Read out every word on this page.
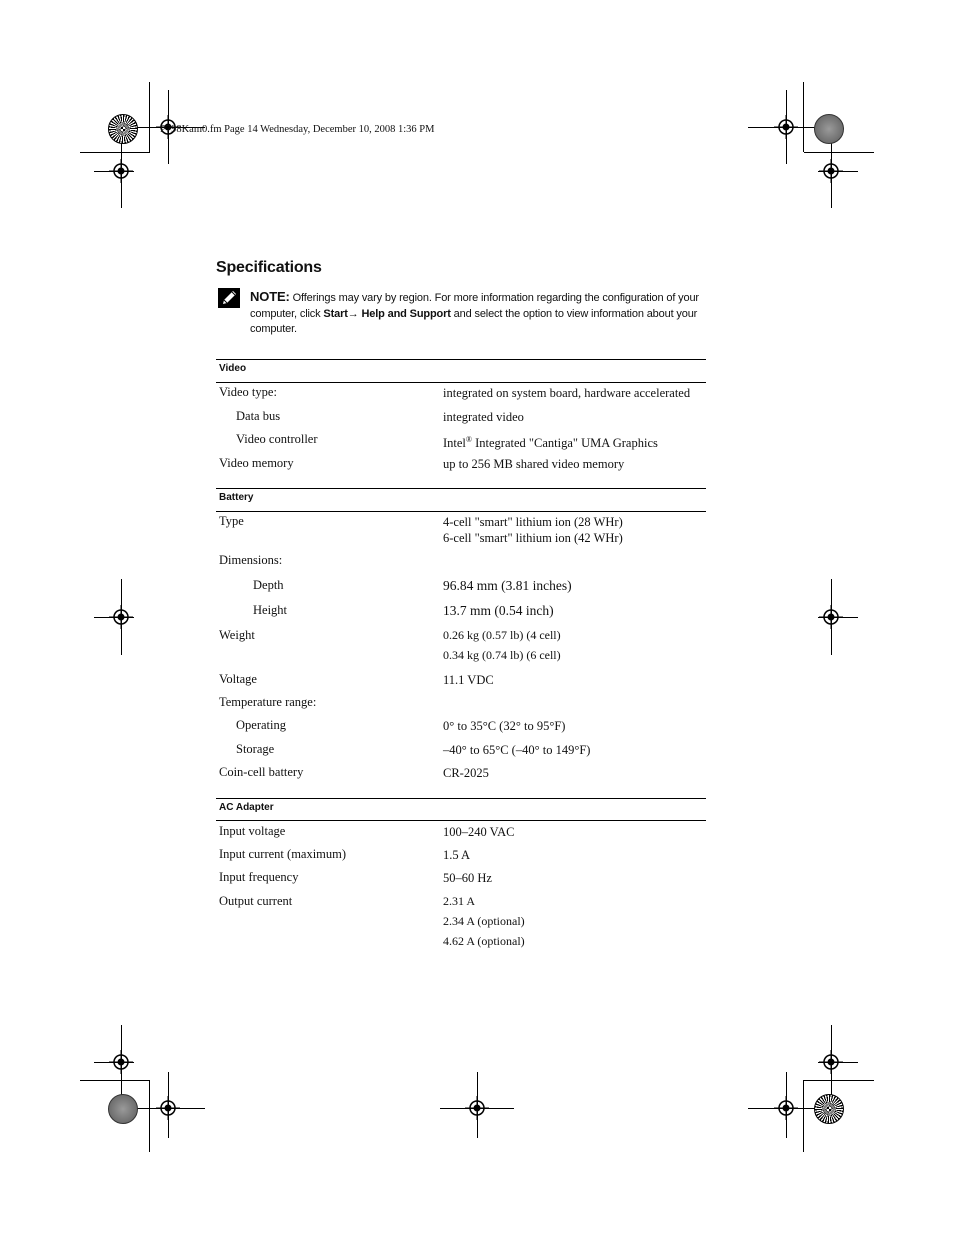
P798Kam0.fm Page 14 Wednesday, December 10, 2008 1:36 PM
Specifications
NOTE: Offerings may vary by region. For more information regarding the configuration of your computer, click Start→ Help and Support and select the option to view information about your computer.
Video
Video type:	integrated on system board, hardware accelerated
Data bus	integrated video
Video controller	Intel® Integrated "Cantiga" UMA Graphics
Video memory	up to 256 MB shared video memory
Battery
Type	4-cell "smart" lithium ion (28 WHr)
6-cell "smart" lithium ion (42 WHr)
Dimensions:
Depth	96.84 mm (3.81 inches)
Height	13.7 mm (0.54 inch)
Weight	0.26 kg (0.57 lb) (4 cell)
0.34 kg (0.74 lb) (6 cell)
Voltage	11.1 VDC
Temperature range:
Operating	0° to 35°C (32° to 95°F)
Storage	–40° to 65°C (–40° to 149°F)
Coin-cell battery	CR-2025
AC Adapter
Input voltage	100–240 VAC
Input current (maximum)	1.5 A
Input frequency	50–60 Hz
Output current	2.31 A
2.34 A (optional)
4.62 A (optional)
